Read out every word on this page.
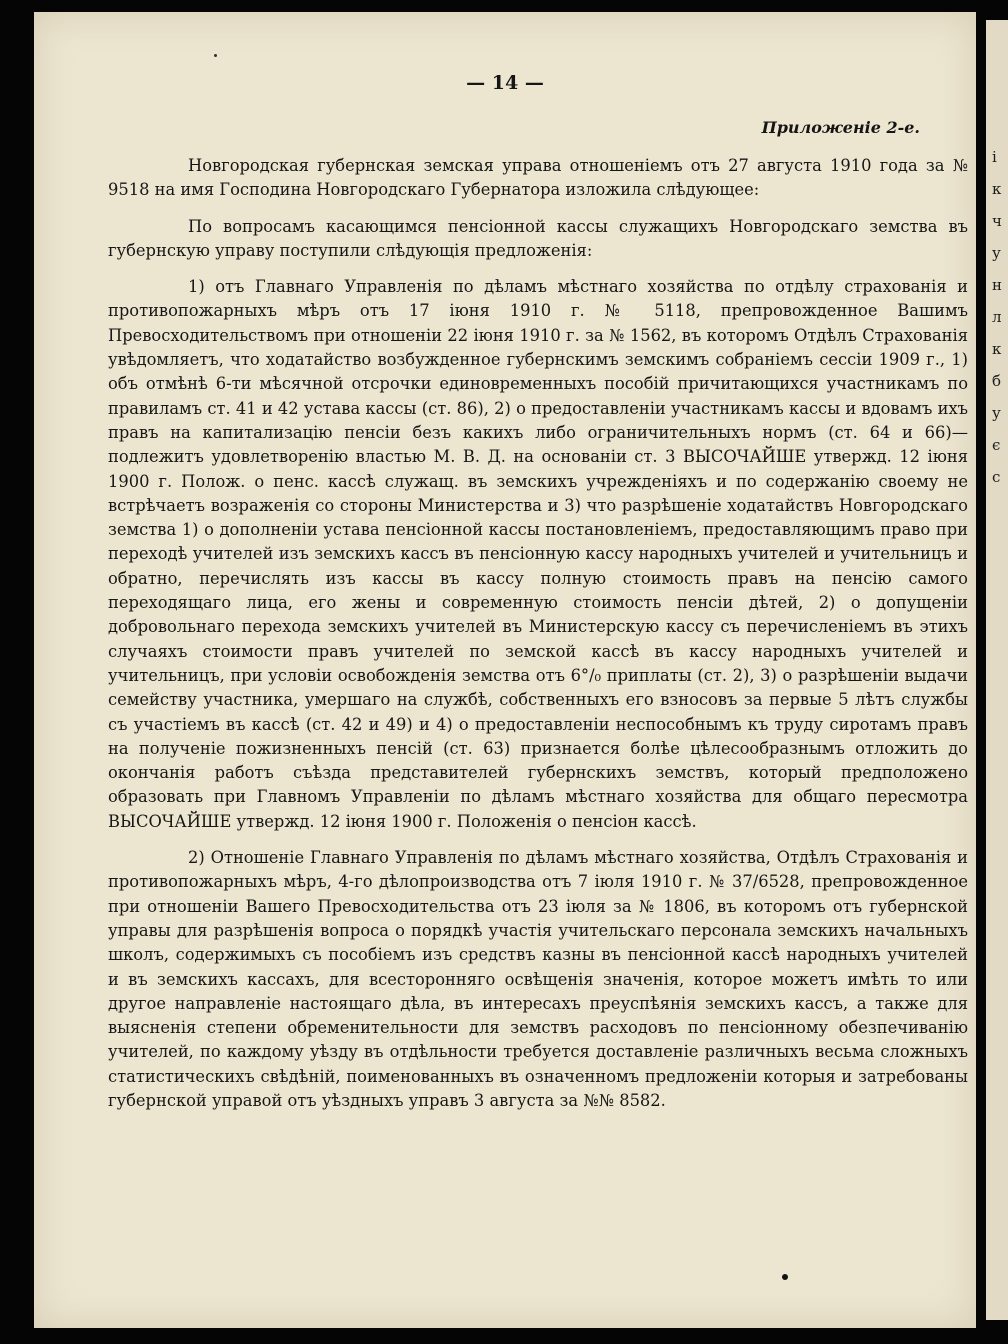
— 14 —
Приложеніе 2-е.

Новгородская губернская земская управа отношеніемъ отъ 27 августа 1910 года за № 9518 на имя Господина Новгородскаго Губернатора изложила слѣдующее:

По вопросамъ касающимся пенсіонной кассы служащихъ Новгородскаго земства въ губернскую управу поступили слѣдующія предложенія:

1) отъ Главнаго Управленія по дѣламъ мѣстнаго хозяйства по отдѣлу страхованія и противопожарныхъ мѣръ отъ 17 іюня 1910 г. № 5118, препровожденное Вашимъ Превосходительствомъ при отношеніи 22 іюня 1910 г. за № 1562, въ которомъ Отдѣлъ Страхованія увѣдомляетъ, что ходатайство возбужденное губернскимъ земскимъ собраніемъ сессіи 1909 г., 1) объ отмѣнѣ 6-ти мѣсячной отсрочки единовременныхъ пособій причитающихся участникамъ по правиламъ ст. 41 и 42 устава кассы (ст. 86), 2) о предоставленіи участникамъ кассы и вдовамъ ихъ правъ на капитализацію пенсіи безъ какихъ либо ограничительныхъ нормъ (ст. 64 и 66)—подлежитъ удовлетворенію властью М. В. Д. на основаніи ст. 3 ВЫСОЧАЙШЕ утвержд. 12 іюня 1900 г. Полож. о пенс. кассѣ служащ. въ земскихъ учрежденіяхъ и по содержанію своему не встрѣчаетъ возраженія со стороны Министерства и 3) что разрѣшеніе ходатайствъ Новгородскаго земства 1) о дополненіи устава пенсіонной кассы постановленіемъ, предоставляющимъ право при переходѣ учителей изъ земскихъ кассъ въ пенсіонную кассу народныхъ учителей и учительницъ и обратно, перечислять изъ кассы въ кассу полную стоимость правъ на пенсію самого переходящаго лица, его жены и современную стоимость пенсіи дѣтей, 2) о допущеніи добровольнаго перехода земскихъ учителей въ Министерскую кассу съ перечисленіемъ въ этихъ случаяхъ стоимости правъ учителей по земской кассѣ въ кассу народныхъ учителей и учительницъ, при условіи освобожденія земства отъ 6°/₀ приплаты (ст. 2), 3) о разрѣшеніи выдачи семейству участника, умершаго на службѣ, собственныхъ его взносовъ за первые 5 лѣтъ службы съ участіемъ въ кассѣ (ст. 42 и 49) и 4) о предоставленіи неспособнымъ къ труду сиротамъ правъ на полученіе пожизненныхъ пенсій (ст. 63) признается болѣе цѣлесообразнымъ отложить до окончанія работъ съѣзда представителей губернскихъ земствъ, который предположено образовать при Главномъ Управленіи по дѣламъ мѣстнаго хозяйства для общаго пересмотра ВЫСОЧАЙШЕ утвержд. 12 іюня 1900 г. Положенія о пенсіон кассѣ.

2) Отношеніе Главнаго Управленія по дѣламъ мѣстнаго хозяйства, Отдѣлъ Страхованія и противопожарныхъ мѣръ, 4-го дѣлопроизводства отъ 7 іюля 1910 г. № 37/6528, препровожденное при отношеніи Вашего Превосходительства отъ 23 іюля за № 1806, въ которомъ отъ губернской управы для разрѣшенія вопроса о порядкѣ участія учительскаго персонала земскихъ начальныхъ школъ, содержимыхъ съ пособіемъ изъ средствъ казны въ пенсіонной кассѣ народныхъ учителей и въ земскихъ кассахъ, для всесторонняго освѣщенія значенія, которое можетъ имѣть то или другое направленіе настоящаго дѣла, въ интересахъ преуспѣянія земскихъ кассъ, а также для выясненія степени обременительности для земствъ расходовъ по пенсіонному обезпечиванію учителей, по каждому уѣзду въ отдѣльности требуется доставленіе различныхъ весьма сложныхъ статистическихъ свѣдѣній, поименованныхъ въ означенномъ предложеніи которыя и затребованы губернской управой отъ уѣздныхъ управъ 3 августа за №№ 8582.

і
к
ч
у
н
л
к
б
у
є
с
